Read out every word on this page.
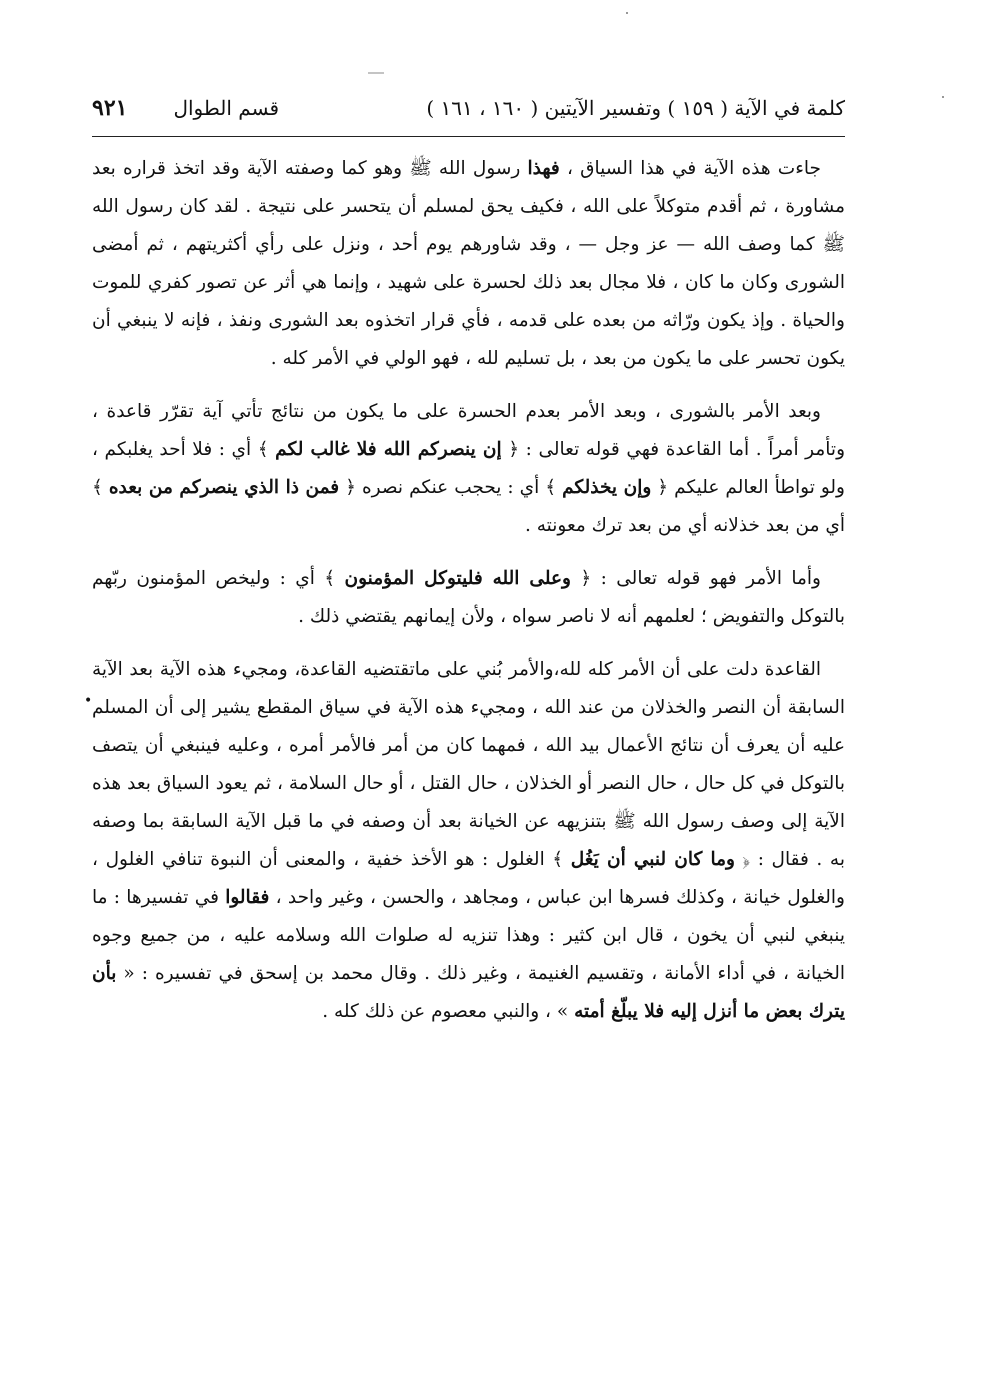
كلمة في الآية ( ١٥٩ ) وتفسير الآيتين ( ١٦٠ ، ١٦١ )
قسم الطوال
٩٢١
•

جاءت هذه الآية في هذا السياق ، فهذا رسول الله ﷺ وهو كما وصفته الآية وقد اتخذ قراره بعد مشاورة ، ثم أقدم متوكلاً على الله ، فكيف يحق لمسلم أن يتحسر على نتيجة . لقد كان رسول الله ﷺ كما وصف الله — عز وجل — ، وقد شاورهم يوم أحد ، ونزل على رأي أكثريتهم ، ثم أمضى الشورى وكان ما كان ، فلا مجال بعد ذلك لحسرة على شهيد ، وإنما هي أثر عن تصور كفري للموت والحياة . وإذ يكون ورّاثه من بعده على قدمه ، فأي قرار اتخذوه بعد الشورى ونفذ ، فإنه لا ينبغي أن يكون تحسر على ما يكون من بعد ، بل تسليم لله ، فهو الولي في الأمر كله .

وبعد الأمر بالشورى ، وبعد الأمر بعدم الحسرة على ما يكون من نتائج تأتي آية تقرّر قاعدة ، وتأمر أمراً . أما القاعدة فهي قوله تعالى : ﴿ إن ينصركم الله فلا غالب لكم ﴾ أي : فلا أحد يغلبكم ، ولو تواطأ العالم عليكم ﴿ وإن يخذلكم ﴾ أي : يحجب عنكم نصره ﴿ فمن ذا الذي ينصركم من بعده ﴾ أي من بعد خذلانه أي من بعد ترك معونته .

وأما الأمر فهو قوله تعالى : ﴿ وعلى الله فليتوكل المؤمنون ﴾ أي : وليخص المؤمنون ربّهم بالتوكل والتفويض ؛ لعلمهم أنه لا ناصر سواه ، ولأن إيمانهم يقتضي ذلك .

القاعدة دلت على أن الأمر كله لله،والأمر بُني على ماتقتضيه القاعدة، ومجيء هذه الآية بعد الآية السابقة أن النصر والخذلان من عند الله ، ومجيء هذه الآية في سياق المقطع يشير إلى أن المسلم عليه أن يعرف أن نتائج الأعمال بيد الله ، فمهما كان من أمر فالأمر أمره ، وعليه فينبغي أن يتصف بالتوكل في كل حال ، حال النصر أو الخذلان ، حال القتل ، أو حال السلامة ، ثم يعود السياق بعد هذه الآية إلى وصف رسول الله ﷺ بتنزيهه عن الخيانة بعد أن وصفه في ما قبل الآية السابقة بما وصفه به . فقال : ﴿ وما كان لنبي أن يَغُل ﴾ الغلول : هو الأخذ خفية ، والمعنى أن النبوة تنافي الغلول ، والغلول خيانة ، وكذلك فسرها ابن عباس ، ومجاهد ، والحسن ، وغير واحد ، فقالوا في تفسيرها : ما ينبغي لنبي أن يخون ، قال ابن كثير : وهذا تنزيه له صلوات الله وسلامه عليه ، من جميع وجوه الخيانة ، في أداء الأمانة ، وتقسيم الغنيمة ، وغير ذلك . وقال محمد بن إسحق في تفسيره : « بأن يترك بعض ما أنزل إليه فلا يبلّغ أمته » ، والنبي معصوم عن ذلك كله .
